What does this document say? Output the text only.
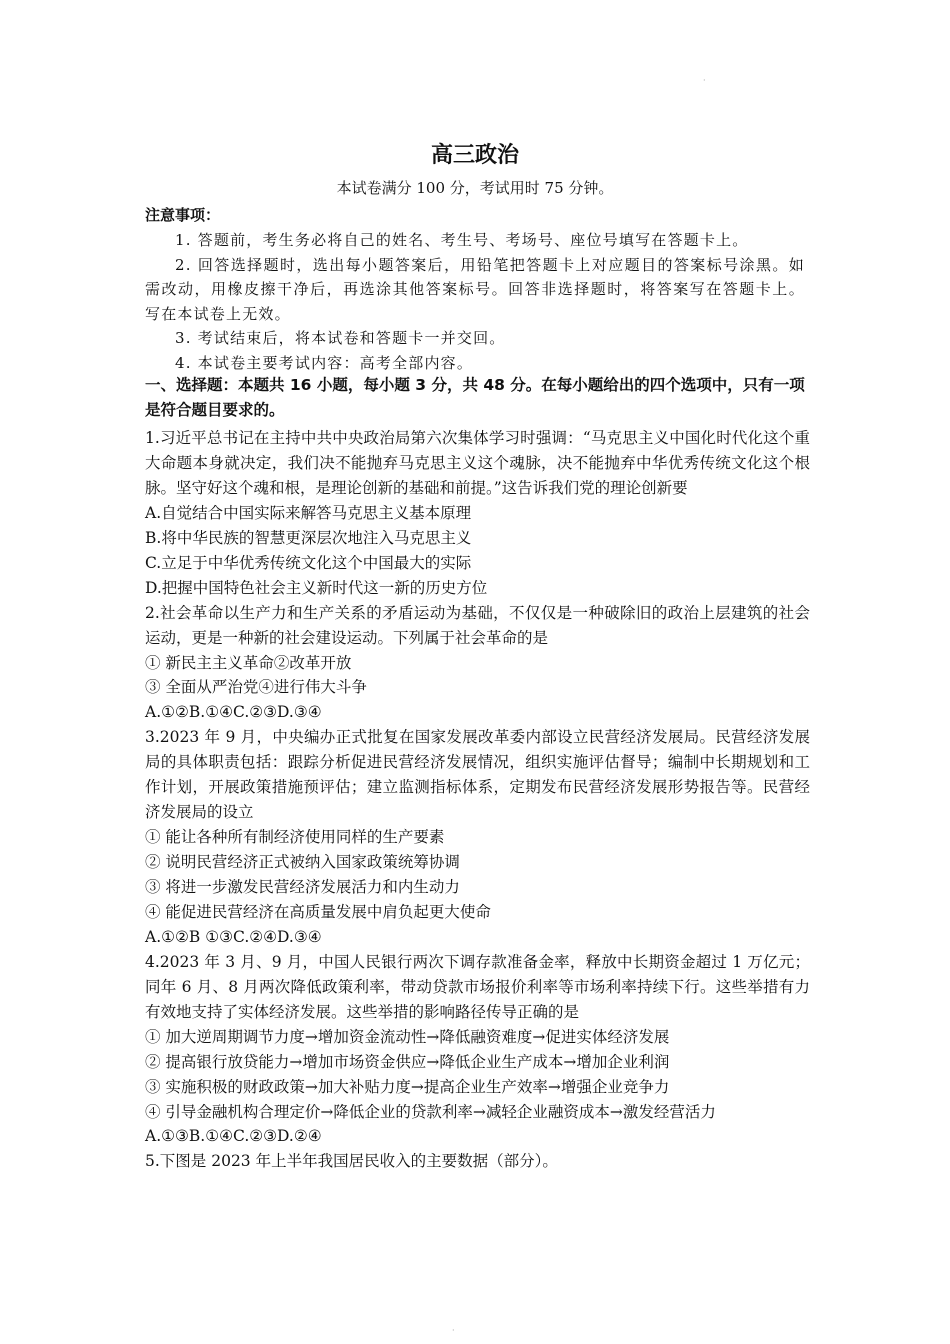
·
高三政治
本试卷满分 100 分，考试用时 75 分钟。
注意事项：
1. 答题前，考生务必将自己的姓名、考生号、考场号、座位号填写在答题卡上。
2. 回答选择题时，选出每小题答案后，用铅笔把答题卡上对应题目的答案标号涂黑。如需改动，用橡皮擦干净后，再选涂其他答案标号。回答非选择题时，将答案写在答题卡上。写在本试卷上无效。
3. 考试结束后，将本试卷和答题卡一并交回。
4. 本试卷主要考试内容：高考全部内容。
一、选择题：本题共 16 小题，每小题 3 分，共 48 分。在每小题给出的四个选项中，只有一项是符合题目要求的。
1.习近平总书记在主持中共中央政治局第六次集体学习时强调：“马克思主义中国化时代化这个重大命题本身就决定，我们决不能抛弃马克思主义这个魂脉，决不能抛弃中华优秀传统文化这个根脉。坚守好这个魂和根，是理论创新的基础和前提。”这告诉我们党的理论创新要
A.自觉结合中国实际来解答马克思主义基本原理
B.将中华民族的智慧更深层次地注入马克思主义
C.立足于中华优秀传统文化这个中国最大的实际
D.把握中国特色社会主义新时代这一新的历史方位
2.社会革命以生产力和生产关系的矛盾运动为基础，不仅仅是一种破除旧的政治上层建筑的社会运动，更是一种新的社会建设运动。下列属于社会革命的是
① 新民主主义革命②改革开放
③ 全面从严治党④进行伟大斗争
A.①②B.①④C.②③D.③④
3.2023 年 9 月，中央编办正式批复在国家发展改革委内部设立民营经济发展局。民营经济发展局的具体职责包括：跟踪分析促进民营经济发展情况，组织实施评估督导；编制中长期规划和工作计划，开展政策措施预评估；建立监测指标体系，定期发布民营经济发展形势报告等。民营经济发展局的设立
① 能让各种所有制经济使用同样的生产要素
② 说明民营经济正式被纳入国家政策统筹协调
③ 将进一步激发民营经济发展活力和内生动力
④ 能促进民营经济在高质量发展中肩负起更大使命
A.①②B ①③C.②④D.③④
4.2023 年 3 月、9 月，中国人民银行两次下调存款准备金率，释放中长期资金超过 1 万亿元；同年 6 月、8 月两次降低政策利率，带动贷款市场报价利率等市场利率持续下行。这些举措有力有效地支持了实体经济发展。这些举措的影响路径传导正确的是
① 加大逆周期调节力度→增加资金流动性→降低融资难度→促进实体经济发展
② 提高银行放贷能力→增加市场资金供应→降低企业生产成本→增加企业利润
③ 实施积极的财政政策→加大补贴力度→提高企业生产效率→增强企业竞争力
④ 引导金融机构合理定价→降低企业的贷款利率→减轻企业融资成本→激发经营活力
A.①③B.①④C.②③D.②④
5.下图是 2023 年上半年我国居民收入的主要数据（部分）。
·
